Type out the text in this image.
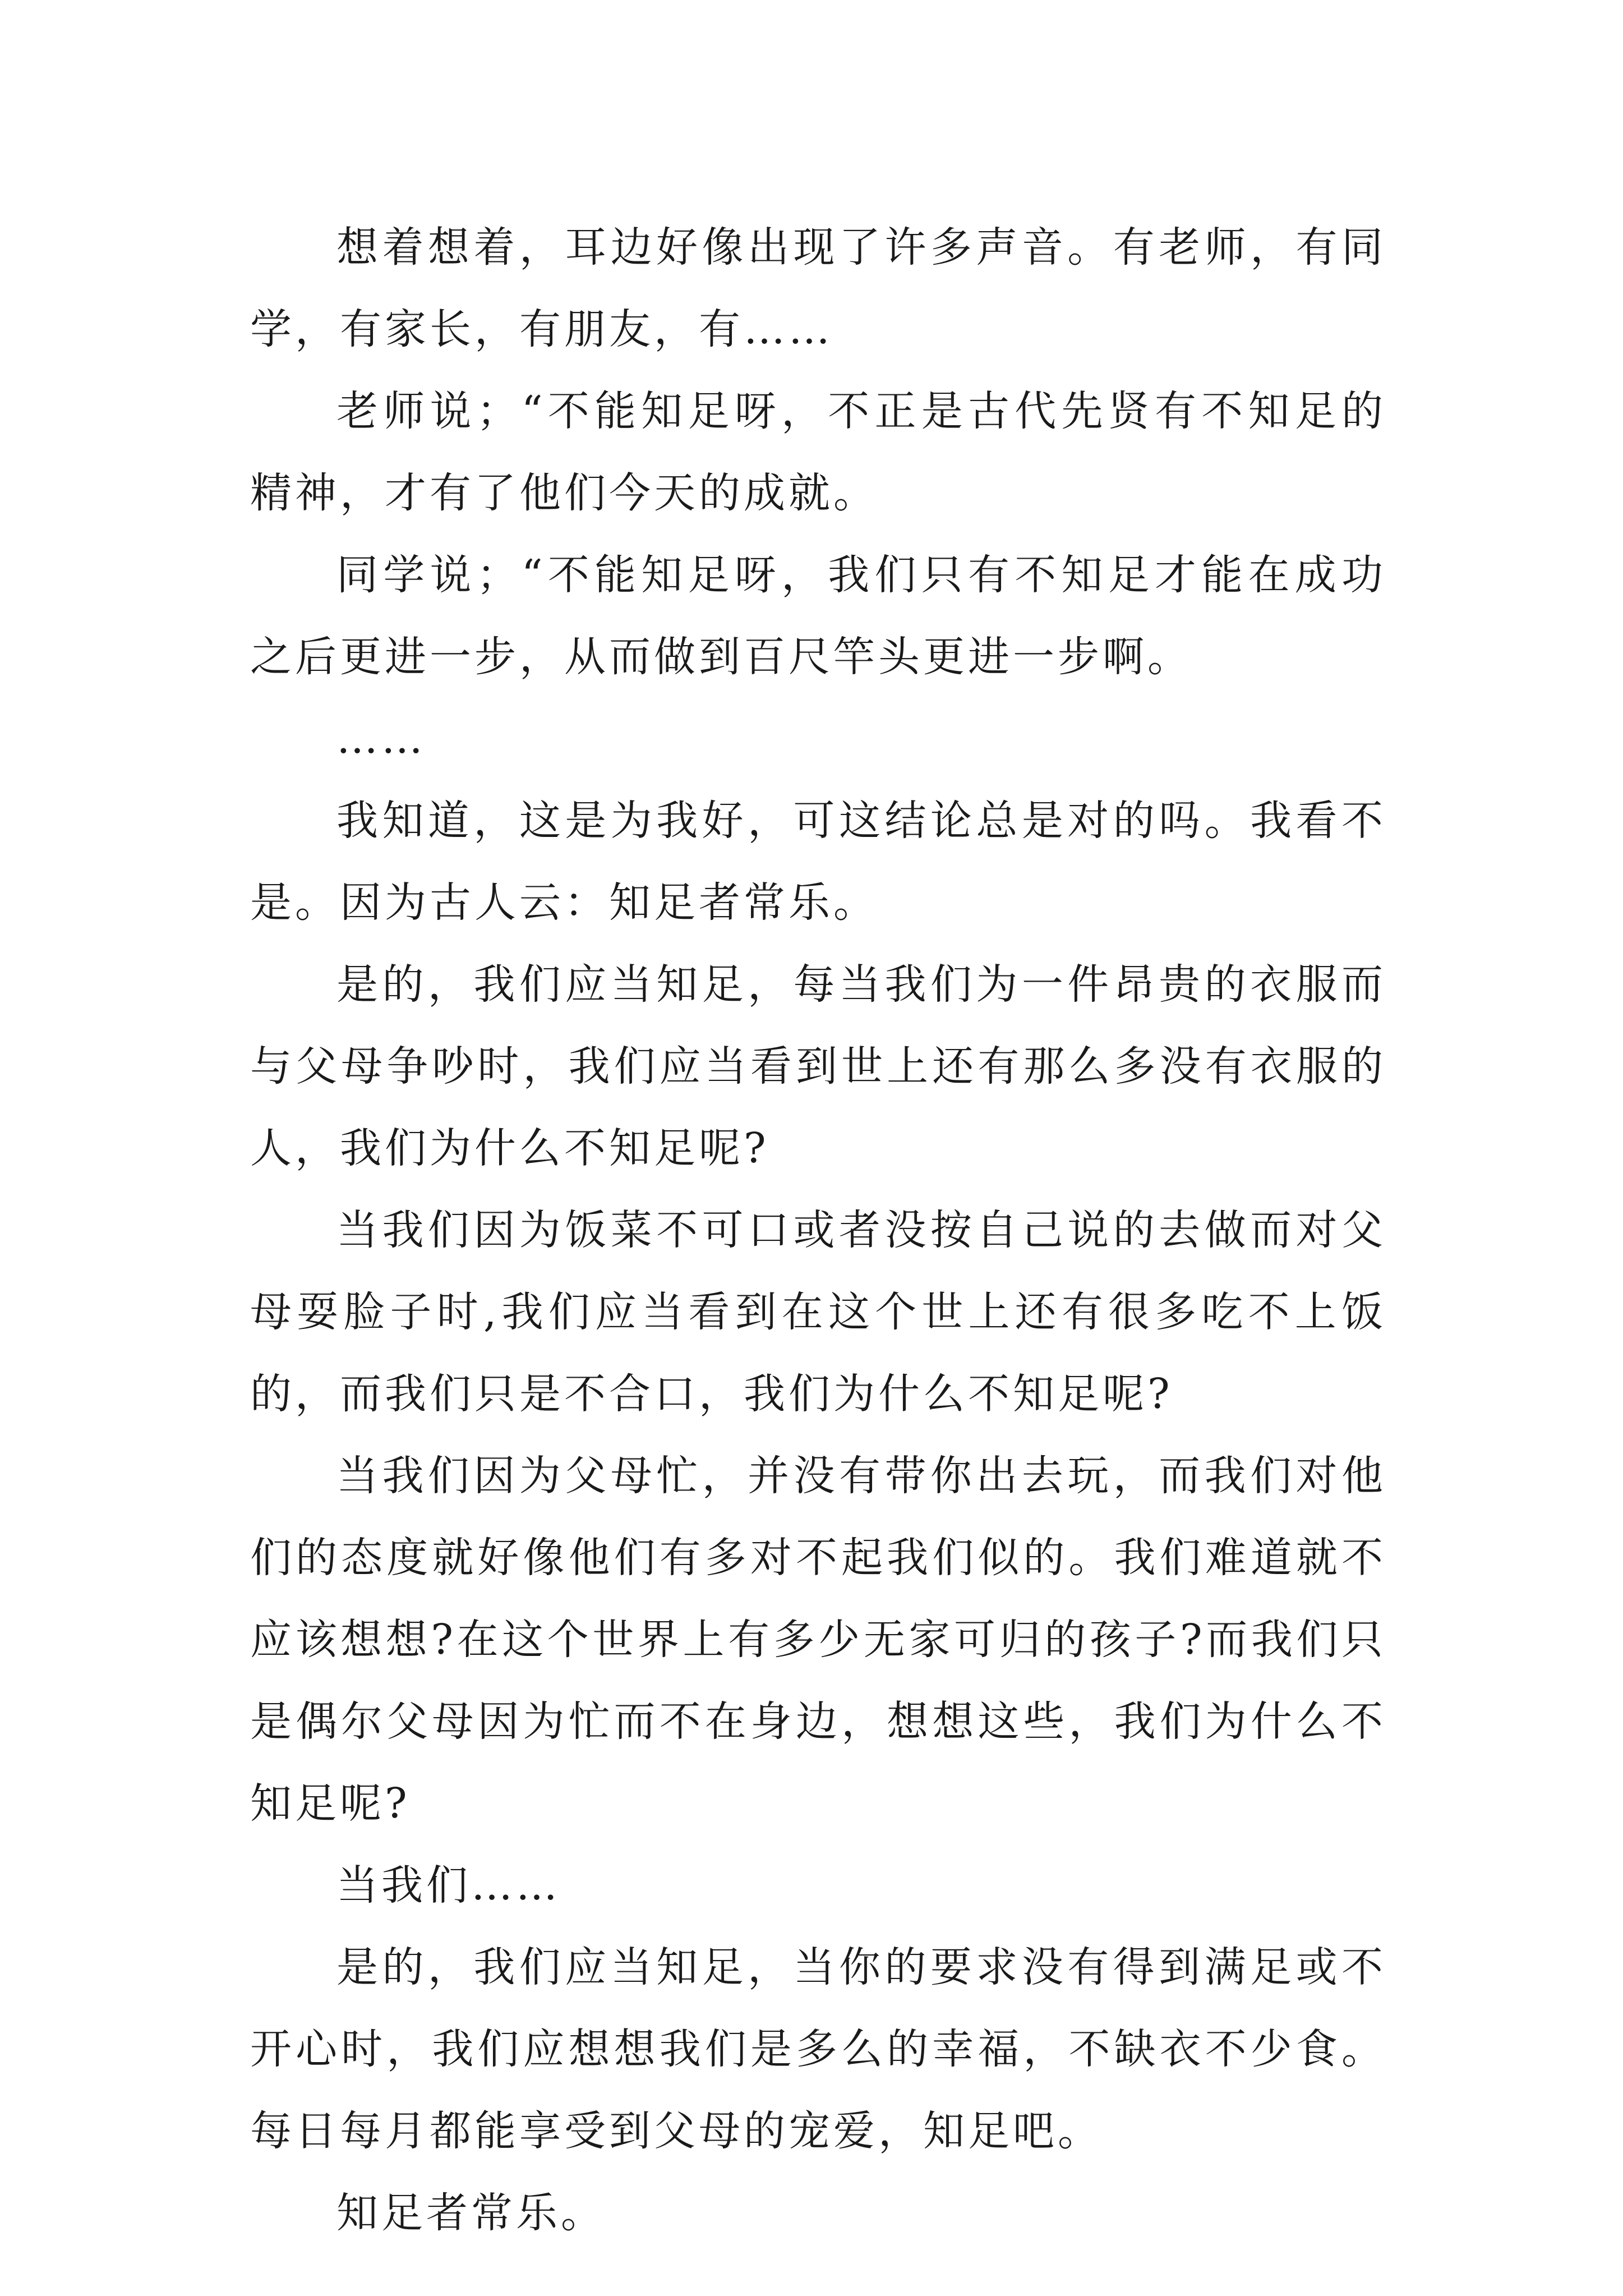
想着想着，耳边好像出现了许多声音。有老师，有同学，有家长，有朋友，有……

老师说；“不能知足呀，不正是古代先贤有不知足的精神，才有了他们今天的成就。

同学说；“不能知足呀，我们只有不知足才能在成功之后更进一步，从而做到百尺竿头更进一步啊。

……

我知道，这是为我好，可这结论总是对的吗。我看不是。因为古人云：知足者常乐。

是的，我们应当知足，每当我们为一件昂贵的衣服而与父母争吵时，我们应当看到世上还有那么多没有衣服的人，我们为什么不知足呢?

当我们因为饭菜不可口或者没按自己说的去做而对父母耍脸子时,我们应当看到在这个世上还有很多吃不上饭的，而我们只是不合口，我们为什么不知足呢?

当我们因为父母忙，并没有带你出去玩，而我们对他们的态度就好像他们有多对不起我们似的。我们难道就不应该想想?在这个世界上有多少无家可归的孩子?而我们只是偶尔父母因为忙而不在身边，想想这些，我们为什么不知足呢?

当我们……

是的，我们应当知足，当你的要求没有得到满足或不开心时，我们应想想我们是多么的幸福，不缺衣不少食。每日每月都能享受到父母的宠爱，知足吧。

知足者常乐。
